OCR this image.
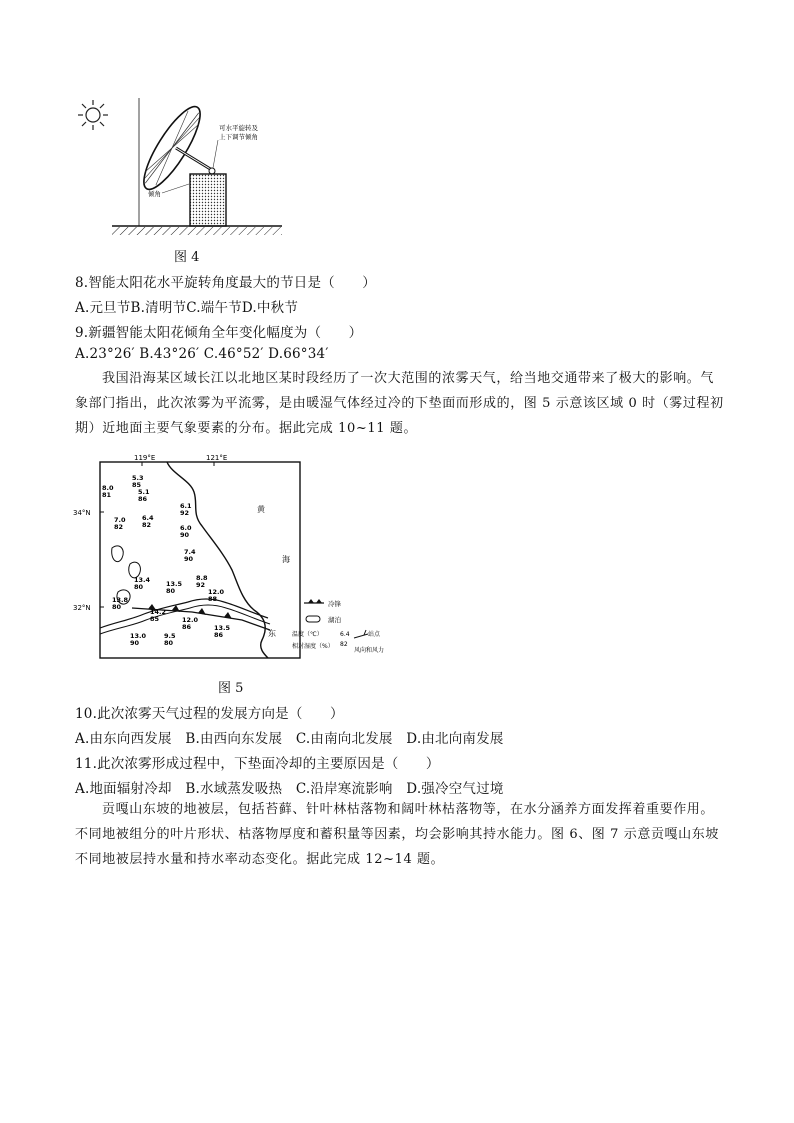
可水平旋转及
上下调节倾角
倾角
图 4
8.智能太阳花水平旋转角度最大的节日是（　　）
A.元旦节B.清明节C.端午节D.中秋节
9.新疆智能太阳花倾角全年变化幅度为（　　）
A.23°26′ B.43°26′ C.46°52′ D.66°34′
我国沿海某区域长江以北地区某时段经历了一次大范围的浓雾天气，给当地交通带来了极大的影响。气象部门指出，此次浓雾为平流雾，是由暖湿气体经过冷的下垫面而形成的，图 5 示意该区域 0 时（雾过程初期）近地面主要气象要素的分布。据此完成 10~11 题。
119°E	121°E
34°N
32°N
黄
海
东
5.3
85
8.0
81	5.1
86
6.1
92
7.0
82
6.4
82	6.0
90
7.4
90
8.8
92
13.4
80	13.5
80	12.0
88
13.8
80
14.2
85	12.0
86
13.0
90
9.5
80
13.5
86
冷锋
湖泊
温度（℃）
相对湿度（%）
6.4
82
站点
风向和风力
图 5
10.此次浓雾天气过程的发展方向是（　　）
A.由东向西发展　B.由西向东发展　C.由南向北发展　D.由北向南发展
11.此次浓雾形成过程中，下垫面冷却的主要原因是（　　）
A.地面辐射冷却　B.水域蒸发吸热　C.沿岸寒流影响　D.强冷空气过境
贡嘎山东坡的地被层，包括苔藓、针叶林枯落物和阔叶林枯落物等，在水分涵养方面发挥着重要作用。不同地被组分的叶片形状、枯落物厚度和蓄积量等因素，均会影响其持水能力。图 6、图 7 示意贡嘎山东坡不同地被层持水量和持水率动态变化。据此完成 12~14 题。
